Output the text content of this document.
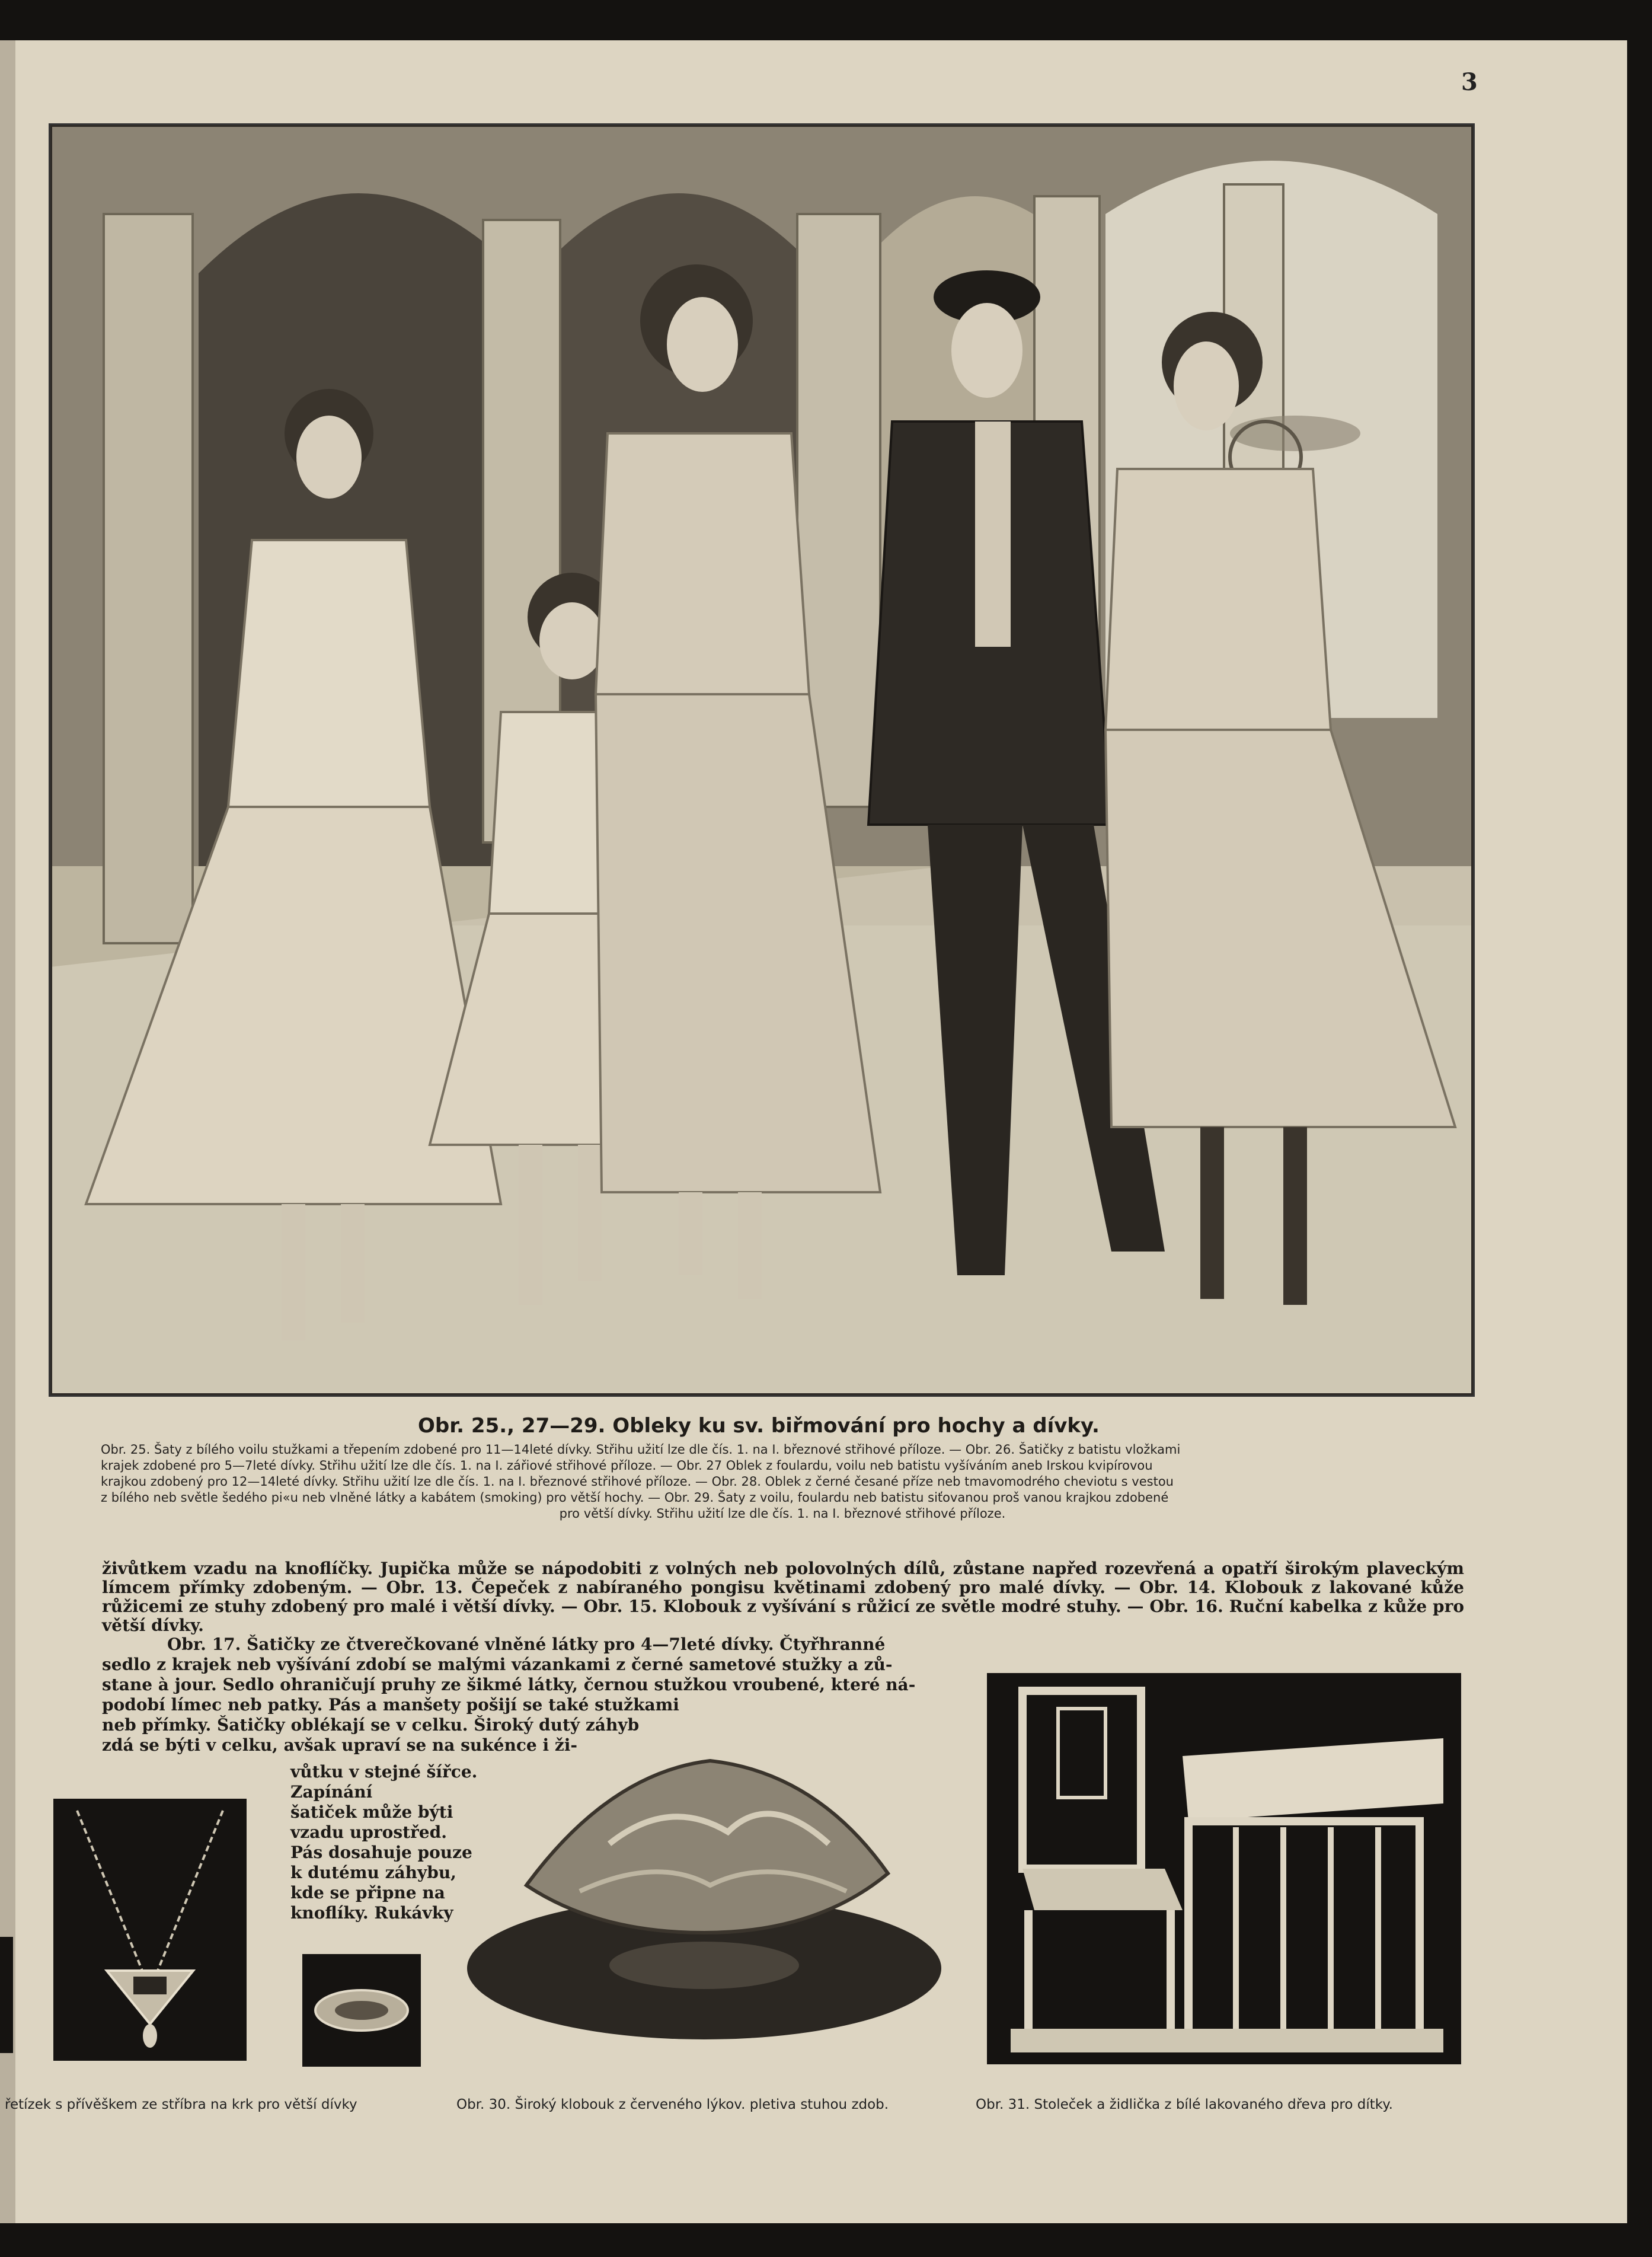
3
Obr. 25., 27—29. Obleky ku sv. biřmování pro hochy a dívky.
Obr. 25. Šaty z bílého voilu stužkami a třepením zdobené pro 11—14leté dívky. Střihu užití lze dle čís. 1. na I. březnové střihové příloze. — Obr. 26. Šatičky z batistu vložkami
krajek zdobené pro 5—7leté dívky. Střihu užití lze dle čís. 1. na I. zářiové střihové příloze. — Obr. 27 Oblek z foulardu, voilu neb batistu vyšíváním aneb Irskou kvipírovou
krajkou zdobený pro 12—14leté dívky. Střihu užití lze dle čís. 1. na I. březnové střihové příloze. — Obr. 28. Oblek z černé česané příze neb tmavomodrého cheviotu s vestou
z bílého neb světle šedého pi«u neb vlněné látky a kabátem (smoking) pro větší hochy. — Obr. 29. Šaty z voilu, foulardu neb batistu siťovanou proš vanou krajkou zdobené
pro větší dívky. Střihu užití lze dle čís. 1. na I. březnové střihové příloze.
živůtkem vzadu na knoflíčky. Jupička může se nápodobiti z volných neb polovolných dílů, zůstane napřed rozevřená a opatří širokým plaveckým límcem přímky zdobeným. — Obr. 13. Čepeček z nabíraného pongisu květinami zdobený pro malé dívky. — Obr. 14. Klobouk z lakované kůže růžicemi ze stuhy zdobený pro malé i větší dívky. — Obr. 15. Klobouk z vyšívání s růžicí ze světle modré stuhy. — Obr. 16. Ruční kabelka z kůže pro větší dívky.

Obr. 17. Šatičky ze čtverečkované vlněné látky pro 4—7leté dívky. Čtyřhranné

sedlo z krajek neb vyšívání zdobí se malými vázankami z černé sametové stužky a zů-

stane à jour. Sedlo ohraničují pruhy ze šikmé látky, černou stužkou vroubené, které ná-

podobí límec neb patky. Pás a manšety pošijí se také stužkami

neb přímky. Šatičky oblékají se v celku. Široký dutý záhyb

zdá se býti v celku, avšak upraví se na sukénce i ži-

vůtku v stejné šířce. Zapínání

šatiček může býti

vzadu uprostřed.

Pás dosahuje pouze

k dutému záhybu,

kde se připne na

knoflíky. Rukávky

řetízek s přívěškem ze stříbra na krk pro větší dívky	Obr. 30. Široký klobouk z červeného lýkov. pletiva stuhou zdob.	Obr. 31. Stoleček a židlička z bílé lakovaného dřeva pro dítky.
